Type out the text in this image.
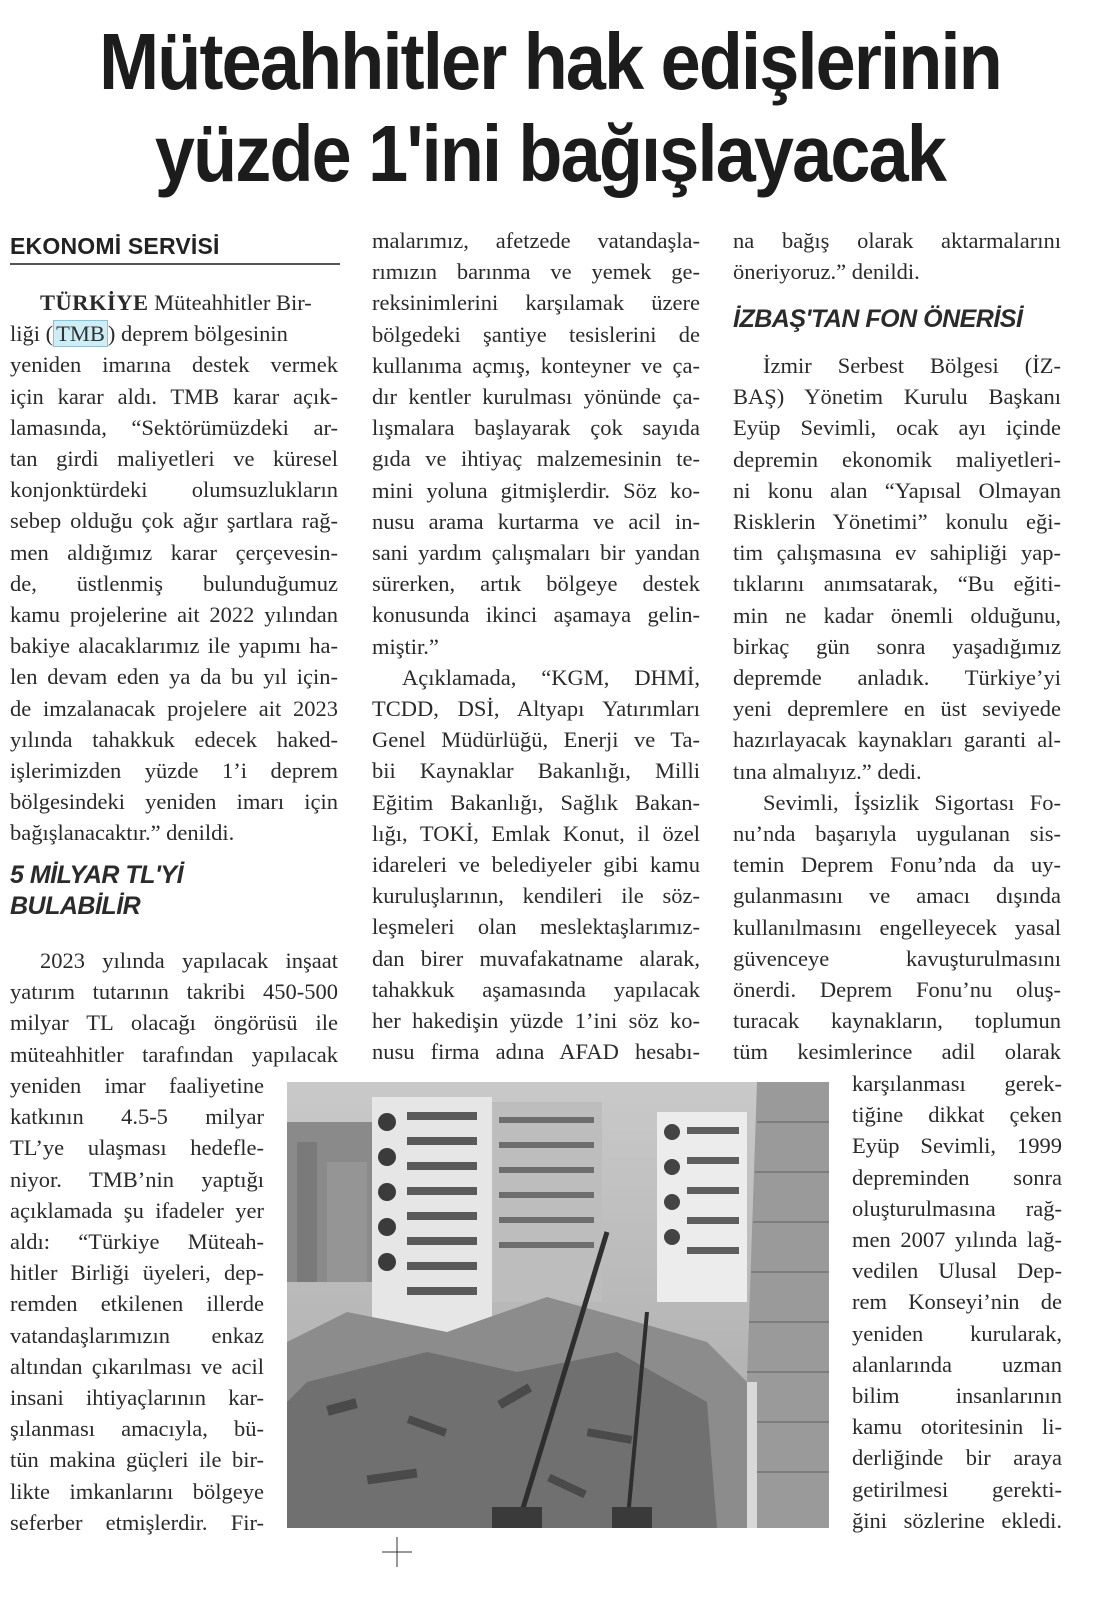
Müteahhitler hak edişlerinin
yüzde 1'ini bağışlayacak
EKONOMİ SERVİSİ

TÜRKİYE Müteahhitler Bir-

liği ( TMB ) deprem bölgesinin

yeniden imarına destek vermek
için karar aldı. TMB karar açık-
lamasında, “Sektörümüzdeki ar-
tan girdi maliyetleri ve küresel
konjonktürdeki olumsuzlukların
sebep olduğu çok ağır şartlara rağ-
men aldığımız karar çerçevesin-
de, üstlenmiş bulunduğumuz
kamu projelerine ait 2022 yılından
bakiye alacaklarımız ile yapımı ha-
len devam eden ya da bu yıl için-
de imzalanacak projelere ait 2023
yılında tahakkuk edecek haked-
işlerimizden yüzde 1’i deprem
bölgesindeki yeniden imarı için
bağışlanacaktır.” denildi.
5 MİLYAR TL'Yİ
BULABİLİR
2023 yılında yapılacak inşaat
yatırım tutarının takribi 450-500
milyar TL olacağı öngörüsü ile
müteahhitler tarafından yapılacak
yeniden imar faaliyetine
katkının 4.5-5 milyar
TL’ye ulaşması hedefle-
niyor. TMB’nin yaptığı
açıklamada şu ifadeler yer
aldı: “Türkiye Müteah-
hitler Birliği üyeleri, dep-
remden etkilenen illerde
vatandaşlarımızın enkaz
altından çıkarılması ve acil
insani ihtiyaçlarının kar-
şılanması amacıyla, bü-
tün makina güçleri ile bir-
likte imkanlarını bölgeye
seferber etmişlerdir. Fir-
malarımız, afetzede vatandaşla-
rımızın barınma ve yemek ge-
reksinimlerini karşılamak üzere
bölgedeki şantiye tesislerini de
kullanıma açmış, konteyner ve ça-
dır kentler kurulması yönünde ça-
lışmalara başlayarak çok sayıda
gıda ve ihtiyaç malzemesinin te-
mini yoluna gitmişlerdir. Söz ko-
nusu arama kurtarma ve acil in-
sani yardım çalışmaları bir yandan
sürerken, artık bölgeye destek
konusunda ikinci aşamaya gelin-
miştir.”
Açıklamada, “KGM, DHMİ,
TCDD, DSİ, Altyapı Yatırımları
Genel Müdürlüğü, Enerji ve Ta-
bii Kaynaklar Bakanlığı, Milli
Eğitim Bakanlığı, Sağlık Bakan-
lığı, TOKİ, Emlak Konut, il özel
idareleri ve belediyeler gibi kamu
kuruluşlarının, kendileri ile söz-
leşmeleri olan meslektaşlarımız-
dan birer muvafakatname alarak,
tahakkuk aşamasında yapılacak
her hakedişin yüzde 1’ini söz ko-
nusu firma adına AFAD hesabı-
na bağış olarak aktarmalarını
öneriyoruz.” denildi.
İZBAŞ'TAN FON ÖNERİSİ
İzmir Serbest Bölgesi (İZ-
BAŞ) Yönetim Kurulu Başkanı
Eyüp Sevimli, ocak ayı içinde
depremin ekonomik maliyetleri-
ni konu alan “Yapısal Olmayan
Risklerin Yönetimi” konulu eği-
tim çalışmasına ev sahipliği yap-
tıklarını anımsatarak, “Bu eğiti-
min ne kadar önemli olduğunu,
birkaç gün sonra yaşadığımız
depremde anladık. Türkiye’yi
yeni depremlere en üst seviyede
hazırlayacak kaynakları garanti al-
tına almalıyız.” dedi.
Sevimli, İşsizlik Sigortası Fo-
nu’nda başarıyla uygulanan sis-
temin Deprem Fonu’nda da uy-
gulanmasını ve amacı dışında
kullanılmasını engelleyecek yasal
güvenceye kavuşturulmasını
önerdi. Deprem Fonu’nu oluş-
turacak kaynakların, toplumun
tüm kesimlerince adil olarak
karşılanması gerek-
tiğine dikkat çeken
Eyüp Sevimli, 1999
depreminden sonra
oluşturulmasına rağ-
men 2007 yılında lağ-
vedilen Ulusal Dep-
rem Konseyi’nin de
yeniden kurularak,
alanlarında uzman
bilim insanlarının
kamu otoritesinin li-
derliğinde bir araya
getirilmesi gerekti-
ğini sözlerine ekledi.
